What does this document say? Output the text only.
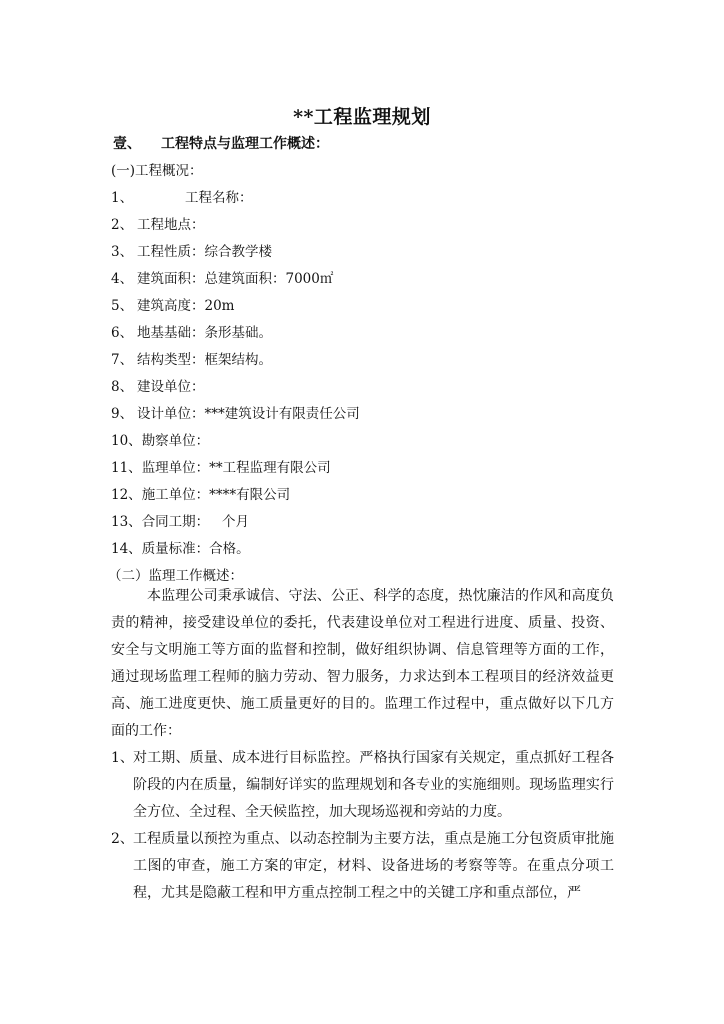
**工程监理规划
壹、 工程特点与监理工作概述：
(一)工程概况：
1、	工程名称：
2、 工程地点：
3、 工程性质：综合教学楼
4、 建筑面积：总建筑面积：7000㎡
5、 建筑高度：20m
6、 地基基础：条形基础。
7、 结构类型：框架结构。
8、 建设单位：
9、 设计单位：***建筑设计有限责任公司
10、勘察单位：
11、监理单位：**工程监理有限公司
12、施工单位：****有限公司
13、合同工期：   个月
14、质量标准：合格。
（二）监理工作概述：
本监理公司秉承诚信、守法、公正、科学的态度，热忱廉洁的作风和高度负责的精神，接受建设单位的委托，代表建设单位对工程进行进度、质量、投资、安全与文明施工等方面的监督和控制，做好组织协调、信息管理等方面的工作，通过现场监理工程师的脑力劳动、智力服务，力求达到本工程项目的经济效益更高、施工进度更快、施工质量更好的目的。监理工作过程中，重点做好以下几方面的工作：
1、 对工期、质量、成本进行目标监控。严格执行国家有关规定，重点抓好工程各阶段的内在质量，编制好详实的监理规划和各专业的实施细则。现场监理实行全方位、全过程、全天候监控，加大现场巡视和旁站的力度。
2、 工程质量以预控为重点、以动态控制为主要方法，重点是施工分包资质审批施工图的审查，施工方案的审定，材料、设备进场的考察等等。在重点分项工程，尤其是隐蔽工程和甲方重点控制工程之中的关键工序和重点部位，严
